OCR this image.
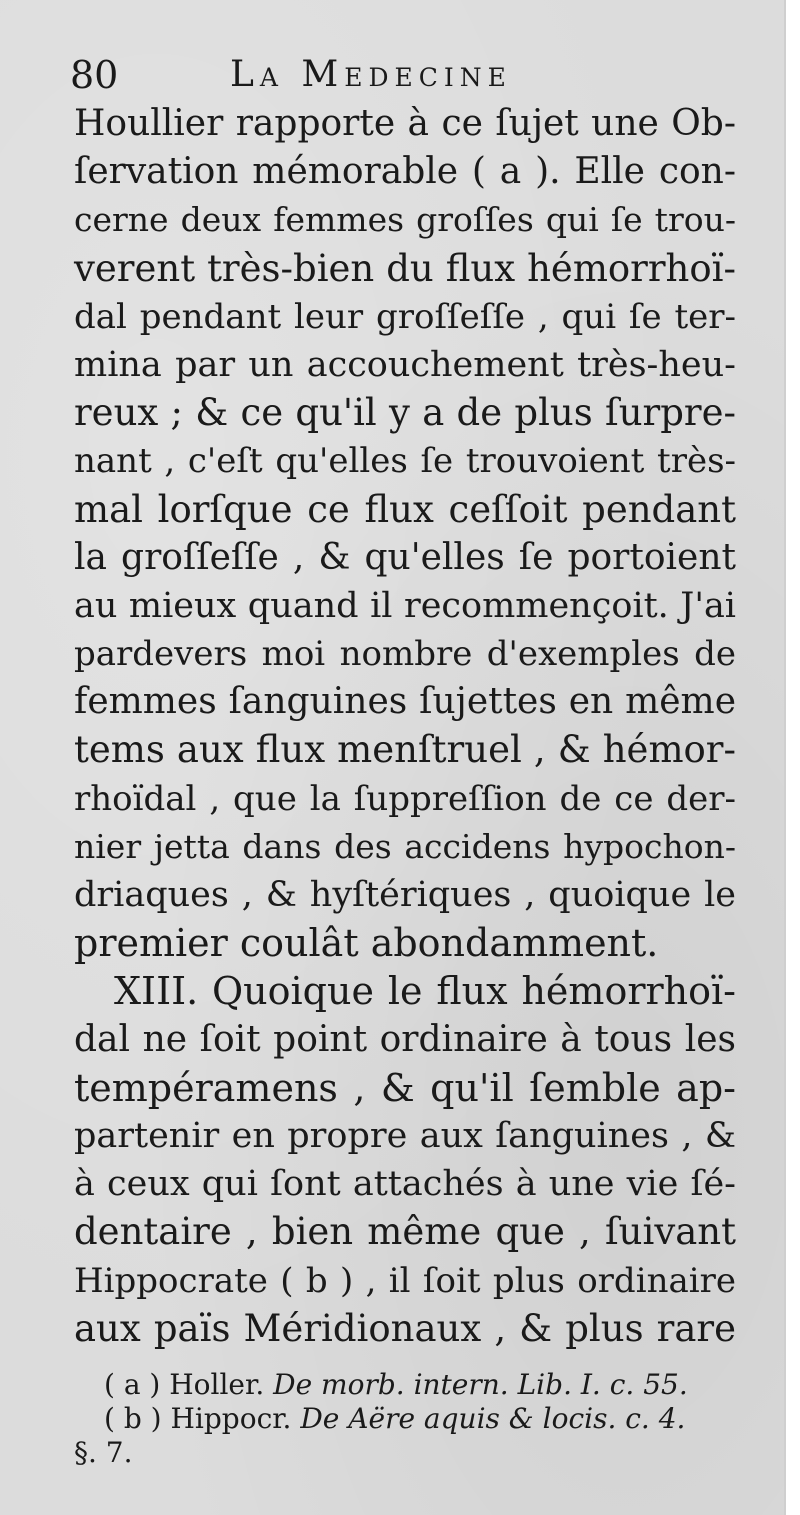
80	La Medecine
Houllier rapporte à ce ſujet une Ob-
ſervation mémorable ( a ). Elle con-
cerne deux femmes groſſes qui ſe trou-
verent très-bien du flux hémorrhoï-
dal pendant leur groſſeſſe , qui ſe ter-
mina par un accouchement très-heu-
reux ; & ce qu'il y a de plus ſurpre-
nant , c'eſt qu'elles ſe trouvoient très-
mal lorſque ce flux ceſſoit pendant
la groſſeſſe , & qu'elles ſe portoient
au mieux quand il recommençoit. J'ai
pardevers moi nombre d'exemples de
femmes ſanguines ſujettes en même
tems aux flux menſtruel , & hémor-
rhoïdal , que la ſuppreſſion de ce der-
nier jetta dans des accidens hypochon-
driaques , & hyſtériques , quoique le
premier coulât abondamment.
XIII. Quoique le flux hémorrhoï-
dal ne ſoit point ordinaire à tous les
tempéramens , & qu'il ſemble ap-
partenir en propre aux ſanguines , &
à ceux qui ſont attachés à une vie ſé-
dentaire , bien même que , ſuivant
Hippocrate ( b ) , il ſoit plus ordinaire
aux païs Méridionaux , & plus rare
( a ) Holler. De morb. intern. Lib. I. c. 55.
( b ) Hippocr. De Aëre aquis & locis. c. 4.
§. 7.
